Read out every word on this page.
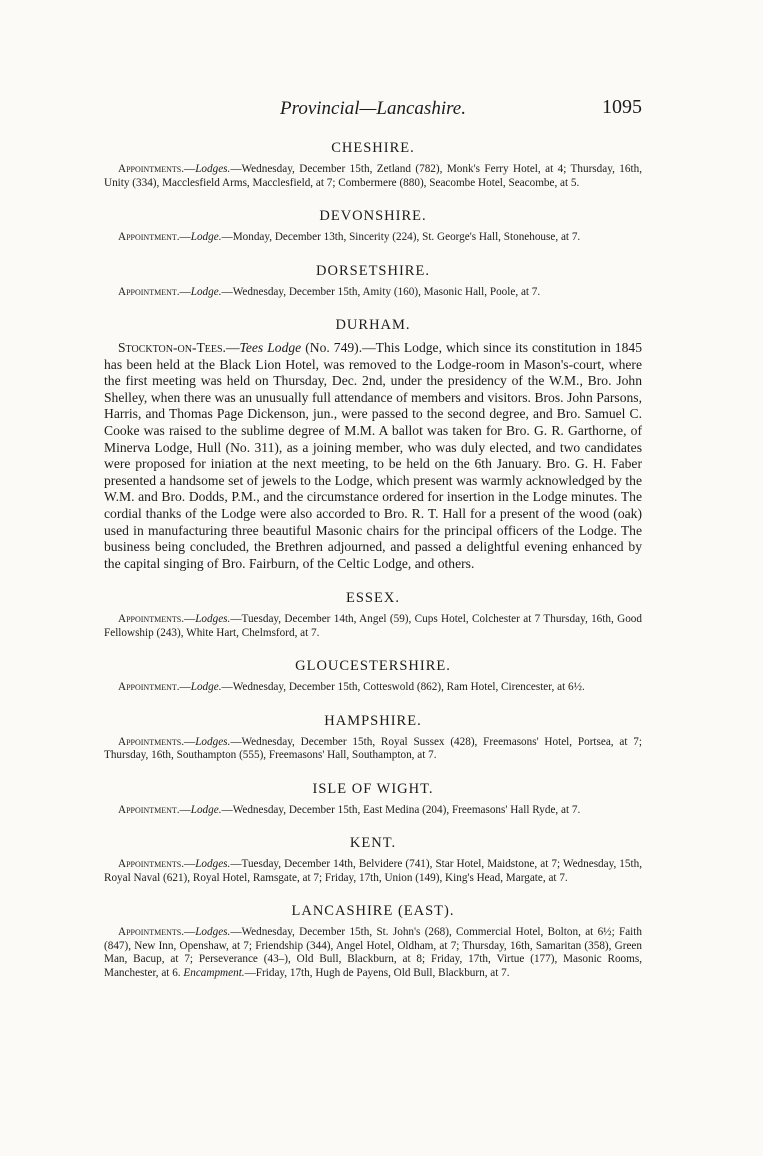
Provincial—Lancashire.	1095
CHESHIRE.

Appointments.—Lodges.—Wednesday, December 15th, Zetland (782), Monk's Ferry Hotel, at 4; Thursday, 16th, Unity (334), Macclesfield Arms, Macclesfield, at 7; Combermere (880), Seacombe Hotel, Seacombe, at 5.

DEVONSHIRE.

Appointment.—Lodge.—Monday, December 13th, Sincerity (224), St. George's Hall, Stonehouse, at 7.

DORSETSHIRE.

Appointment.—Lodge.—Wednesday, December 15th, Amity (160), Masonic Hall, Poole, at 7.

DURHAM.

Stockton-on-Tees.—Tees Lodge (No. 749).—This Lodge, which since its constitution in 1845 has been held at the Black Lion Hotel, was removed to the Lodge-room in Mason's-court, where the first meeting was held on Thursday, Dec. 2nd, under the presidency of the W.M., Bro. John Shelley, when there was an unusually full attendance of members and visitors. Bros. John Parsons, Harris, and Thomas Page Dickenson, jun., were passed to the second degree, and Bro. Samuel C. Cooke was raised to the sublime degree of M.M. A ballot was taken for Bro. G. R. Garthorne, of Minerva Lodge, Hull (No. 311), as a joining member, who was duly elected, and two candidates were proposed for iniation at the next meeting, to be held on the 6th January. Bro. G. H. Faber presented a handsome set of jewels to the Lodge, which present was warmly acknowledged by the W.M. and Bro. Dodds, P.M., and the circumstance ordered for insertion in the Lodge minutes. The cordial thanks of the Lodge were also accorded to Bro. R. T. Hall for a present of the wood (oak) used in manufacturing three beautiful Masonic chairs for the principal officers of the Lodge. The business being concluded, the Brethren adjourned, and passed a delightful evening enhanced by the capital singing of Bro. Fairburn, of the Celtic Lodge, and others.

ESSEX.

Appointments.—Lodges.—Tuesday, December 14th, Angel (59), Cups Hotel, Colchester at 7 Thursday, 16th, Good Fellowship (243), White Hart, Chelmsford, at 7.

GLOUCESTERSHIRE.

Appointment.—Lodge.—Wednesday, December 15th, Cotteswold (862), Ram Hotel, Cirencester, at 6½.

HAMPSHIRE.

Appointments.—Lodges.—Wednesday, December 15th, Royal Sussex (428), Freemasons' Hotel, Portsea, at 7; Thursday, 16th, Southampton (555), Freemasons' Hall, Southampton, at 7.

ISLE OF WIGHT.

Appointment.—Lodge.—Wednesday, December 15th, East Medina (204), Freemasons' Hall Ryde, at 7.

KENT.

Appointments.—Lodges.—Tuesday, December 14th, Belvidere (741), Star Hotel, Maidstone, at 7; Wednesday, 15th, Royal Naval (621), Royal Hotel, Ramsgate, at 7; Friday, 17th, Union (149), King's Head, Margate, at 7.

LANCASHIRE (EAST).

Appointments.—Lodges.—Wednesday, December 15th, St. John's (268), Commercial Hotel, Bolton, at 6½; Faith (847), New Inn, Openshaw, at 7; Friendship (344), Angel Hotel, Oldham, at 7; Thursday, 16th, Samaritan (358), Green Man, Bacup, at 7; Perseverance (43–), Old Bull, Blackburn, at 8; Friday, 17th, Virtue (177), Masonic Rooms, Manchester, at 6. Encampment.—Friday, 17th, Hugh de Payens, Old Bull, Blackburn, at 7.
